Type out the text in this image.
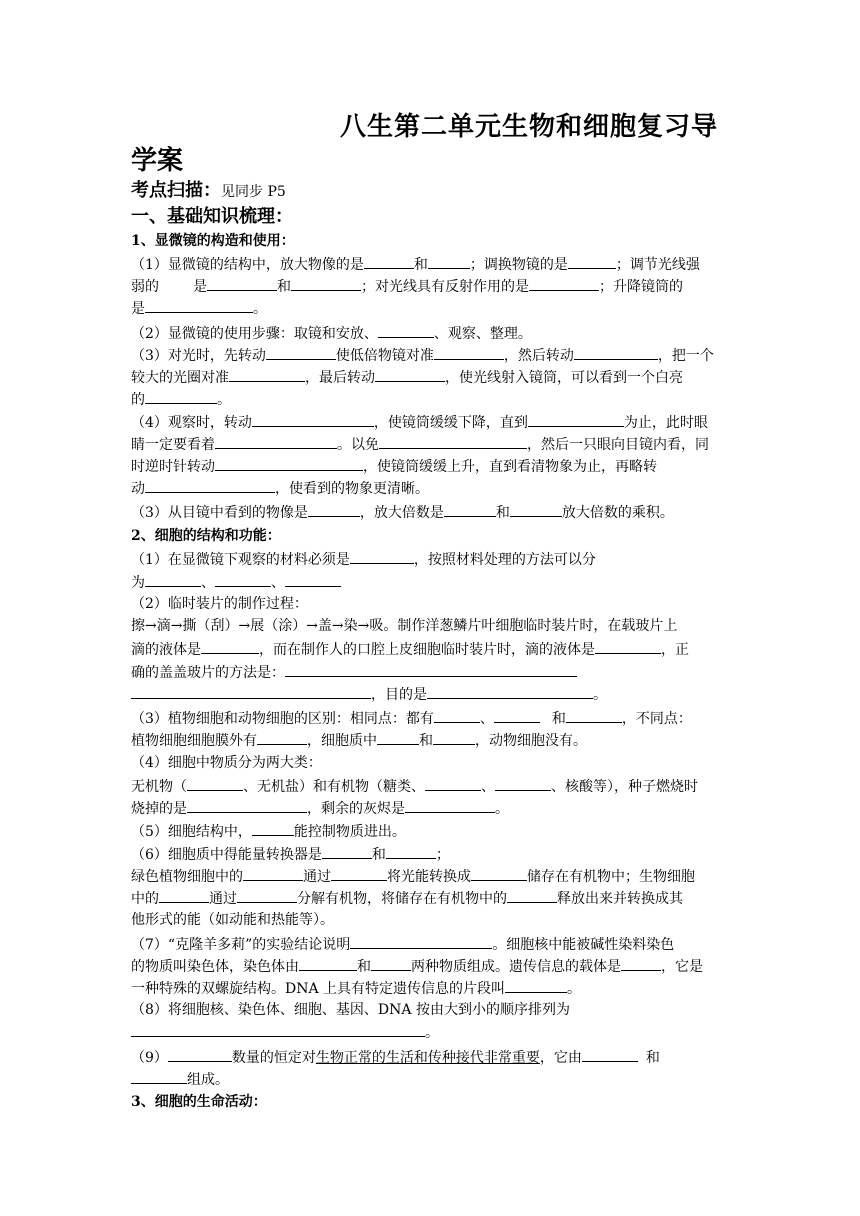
八生第二单元生物和细胞复习导
学案
考点扫描：见同步 P5
一、基础知识梳理：
1、显微镜的构造和使用：
（1）显微镜的结构中，放大物像的是	和	；调换物镜的是	；调节光线强
弱的 是	和	；对光线具有反射作用的是	；升降镜筒的
是	。
（2）显微镜的使用步骤：取镜和安放、	、观察、整理。
（3）对光时，先转动	使低倍物镜对准	，然后转动	，把一个
较大的光圈对准	，最后转动	，使光线射入镜筒，可以看到一个白亮
的	。
（4）观察时，转动	，使镜筒缓缓下降，直到	为止，此时眼
睛一定要看着	。以免	，然后一只眼向目镜内看，同
时逆时针转动	，使镜筒缓缓上升，直到看清物象为止，再略转
动	，使看到的物象更清晰。
（3）从目镜中看到的物像是	，放大倍数是	和	放大倍数的乘积。
2、细胞的结构和功能：
（1）在显微镜下观察的材料必须是	，按照材料处理的方法可以分
为	、	、
（2）临时装片的制作过程：
擦→滴→撕（刮）→展（涂）→盖→染→吸。制作洋葱鳞片叶细胞临时装片时，在载玻片上
滴的液体是	，而在制作人的口腔上皮细胞临时装片时，滴的液体是	，正
确的盖盖玻片的方法是：
，目的是	。
（3）植物细胞和动物细胞的区别：相同点：都有	、	和	，不同点：
植物细胞细胞膜外有	，细胞质中	和	，动物细胞没有。
（4）细胞中物质分为两大类：
无机物（	、无机盐）和有机物（糖类、	、	、核酸等），种子燃烧时
烧掉的是	，剩余的灰烬是	。
（5）细胞结构中，	能控制物质进出。
（6）细胞质中得能量转换器是	和	；
绿色植物细胞中的	通过	将光能转换成	储存在有机物中；生物细胞
中的	通过	分解有机物，将储存在有机物中的	释放出来并转换成其
他形式的能（如动能和热能等）。
（7）“克隆羊多莉”的实验结论说明	。细胞核中能被碱性染料染色
的物质叫染色体，染色体由	和	两种物质组成。遗传信息的载体是	，它是
一种特殊的双螺旋结构。DNA 上具有特定遗传信息的片段叫	。
（8）将细胞核、染色体、细胞、基因、DNA 按由大到小的顺序排列为
。
（9）	数量的恒定对生物正常的生活和传种接代非常重要，它由	和
组成。
3、细胞的生命活动：
